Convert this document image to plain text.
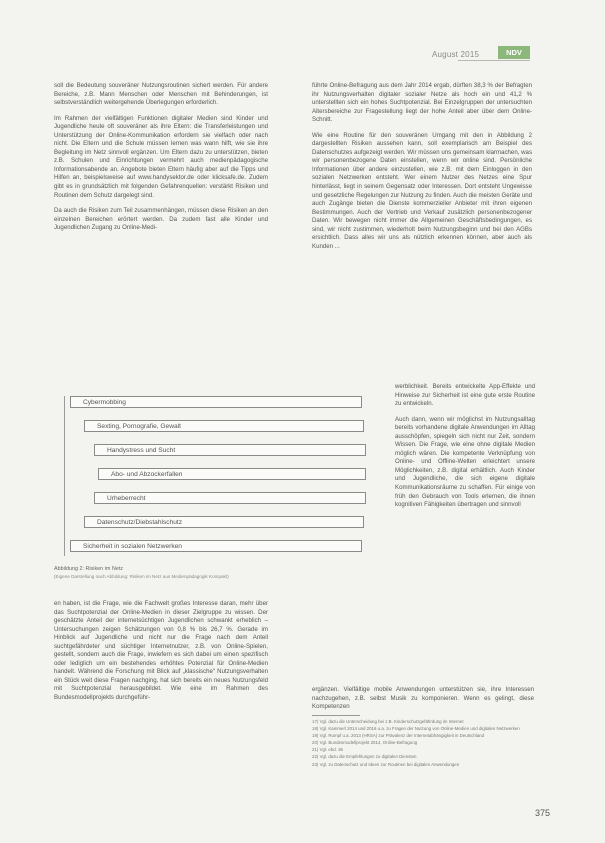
August 2015	NDV

soll die Bedeutung souveräner Nutzungsroutinen sichert werden. Für andere Bereiche, z.B. Mann Menschen oder Menschen mit Behinderungen, ist selbstverständlich weitergehende Überlegungen erforderlich.

Im Rahmen der vielfältigen Funktionen digitaler Medien sind Kinder und Jugendliche heute oft souveräner als ihre Eltern: die Transferleistungen und Unterstützung der Online-Kommunikation erfordern sie vielfach oder nach nicht. Die Eltern und die Schule müssen lernen was wann hilft, wie sie ihre Begleitung im Netz sinnvoll ergänzen. Um Eltern dazu zu unterstützen, bieten z.B. Schulen und Einrichtungen vermehrt auch medienpädagogische Informationsabende an. Angebote bieten Eltern häufig aber auf die Tipps und Hilfen an, beispielsweise auf www.handysektor.de oder klicksafe.de. Zudem gibt es in grundsätzlich mit folgenden Gefahrenquellen: verstärkt Risiken und Routinen dem Schutz dargelegt sind.

Da auch die Risiken zum Teil zusammenhängen, müssen diese Risiken an den einzelnen Bereichen erörtert werden. Da zudem fast alle Kinder und Jugendlichen Zugang zu Online-Medi-

führte Online-Befragung aus dem Jahr 2014 ergab, dürften 38,3 % der Befragten ihr Nutzungsverhalten digitaler sozialer Netze als hoch ein und 41,2 % unterstellten sich ein hohes Suchtpotenzial. Bei Einzelgruppen der untersuchten Altersbereiche zur Fragestellung liegt der hohe Anteil aber über dem Online-Schnitt.

Wie eine Routine für den souveränen Umgang mit den in Abbildung 2 dargestellten Risiken aussehen kann, soll exemplarisch am Beispiel des Datenschutzes aufgezeigt werden. Wir müssen uns gemeinsam klarmachen, was wir personenbezogene Daten einstellen, wenn wir online sind. Persönliche Informationen über andere einzustellen, wie z.B. mit dem Einloggen in den sozialen Netzwerken entsteht. Wer einem Nutzer des Netzes eine Spur hinterlässt, liegt in seinem Gegensatz oder Interessen. Dort entsteht Ungewisse und gesetzliche Regelungen zur Nutzung zu finden. Auch die meisten Geräte und auch Zugänge bieten die Dienste kommerzieller Anbieter mit ihren eigenen Bestimmungen. Auch der Vertrieb und Verkauf zusätzlich personenbezogener Daten. Wir bewegen nicht immer die Allgemeinen Geschäftsbedingungen, es sind, wir nicht zustimmen, wiederholt beim Nutzungsbeginn und bei den AGBs ersichtlich. Dass alles wir uns als nützlich erkennen können, aber auch als Kunden ...

werblichkeit. Bereits entwickelte App-Effekte und Hinweise zur Sicherheit ist eine gute erste Routine zu entwickeln.

Auch dann, wenn wir möglichst im Nutzungsalltag bereits vorhandene digitale Anwendungen im Alltag ausschöpfen, spiegeln sich nicht nur Zeit, sondern Wissen. Die Frage, wie eine ohne digitale Medien möglich wären. Die kompetente Verknüpfung von Online- und Offline-Welten erleichtert unsere Möglichkeiten, z.B. digital erhältlich. Auch Kinder und Jugendliche, die sich eigene digitale Kommunikationsräume zu schaffen. Für einige von früh den Gebrauch von Tools erlernen, die ihnen kognitiven Fähigkeiten übertragen und sinnvoll

ergänzen. Vielfältige mobile Anwendungen unterstützen sie, ihre Interessen nachzugehen, z.B. selbst Musik zu komponieren. Wenn es gelingt, diese Kompetenzen

Cybermobbing
Sexting, Pornografie, Gewalt
Handystress und Sucht
Abo- und Abzockerfallen
Urheberrecht
Datenschutz/Diebstahlschutz
Sicherheit in sozialen Netzwerken
Abbildung 2: Risiken im Netz
(Eigene Darstellung nach Abbildung: Risiken im Netz aus Medienpädagogik Kompakt)

en haben, ist die Frage, wie die Fachwelt großes Interesse daran, mehr über das Suchtpotenzial der Online-Medien in dieser Zielgruppe zu wissen. Der geschätzte Anteil der internetsüchtigen Jugendlichen schwankt erheblich – Untersuchungen zeigen Schätzungen von 0,8 % bis 26,7 %. Gerade im Hinblick auf Jugendliche und nicht nur die Frage nach dem Anteil suchtgefährdeter und süchtiger Internetnutzer, z.B. von Online-Spielen, gestellt, sondern auch die Frage, inwiefern es sich dabei um einen spezifisch oder lediglich um ein bestehendes erhöhtes Potenzial für Online-Medien handelt. Während die Forschung mit Blick auf „klassische“ Nutzungsverhalten ein Stück weit diese Fragen nachging, hat sich bereits ein neues Nutzungsfeld mit Suchtpotenzial herausgebildet. Wie eine im Rahmen des Bundesmodellprojekts durchgeführ-

17) Vgl. dazu die Unterscheidung bei z.B. Kinderschutzgefährdung im Internet
18) Vgl. Kammerl 2014 und 2016 u.a. zu Fragen der Nutzung von Online-Medien und digitalen Netzwerken
19) Vgl. Rumpf u.a. 2013 (HRSA) zur Prävalenz der Internetabhängigkeit in Deutschland
20) Vgl. Bundesmodellprojekt 2014, Online-Befragung
21) Vgl. ebd. 36
22) Vgl. dazu die Empfehlungen zu digitalen Diensten
23) Vgl. zu Datenschutz und Ideen zur Routinen bei digitalen Anwendungen
375
